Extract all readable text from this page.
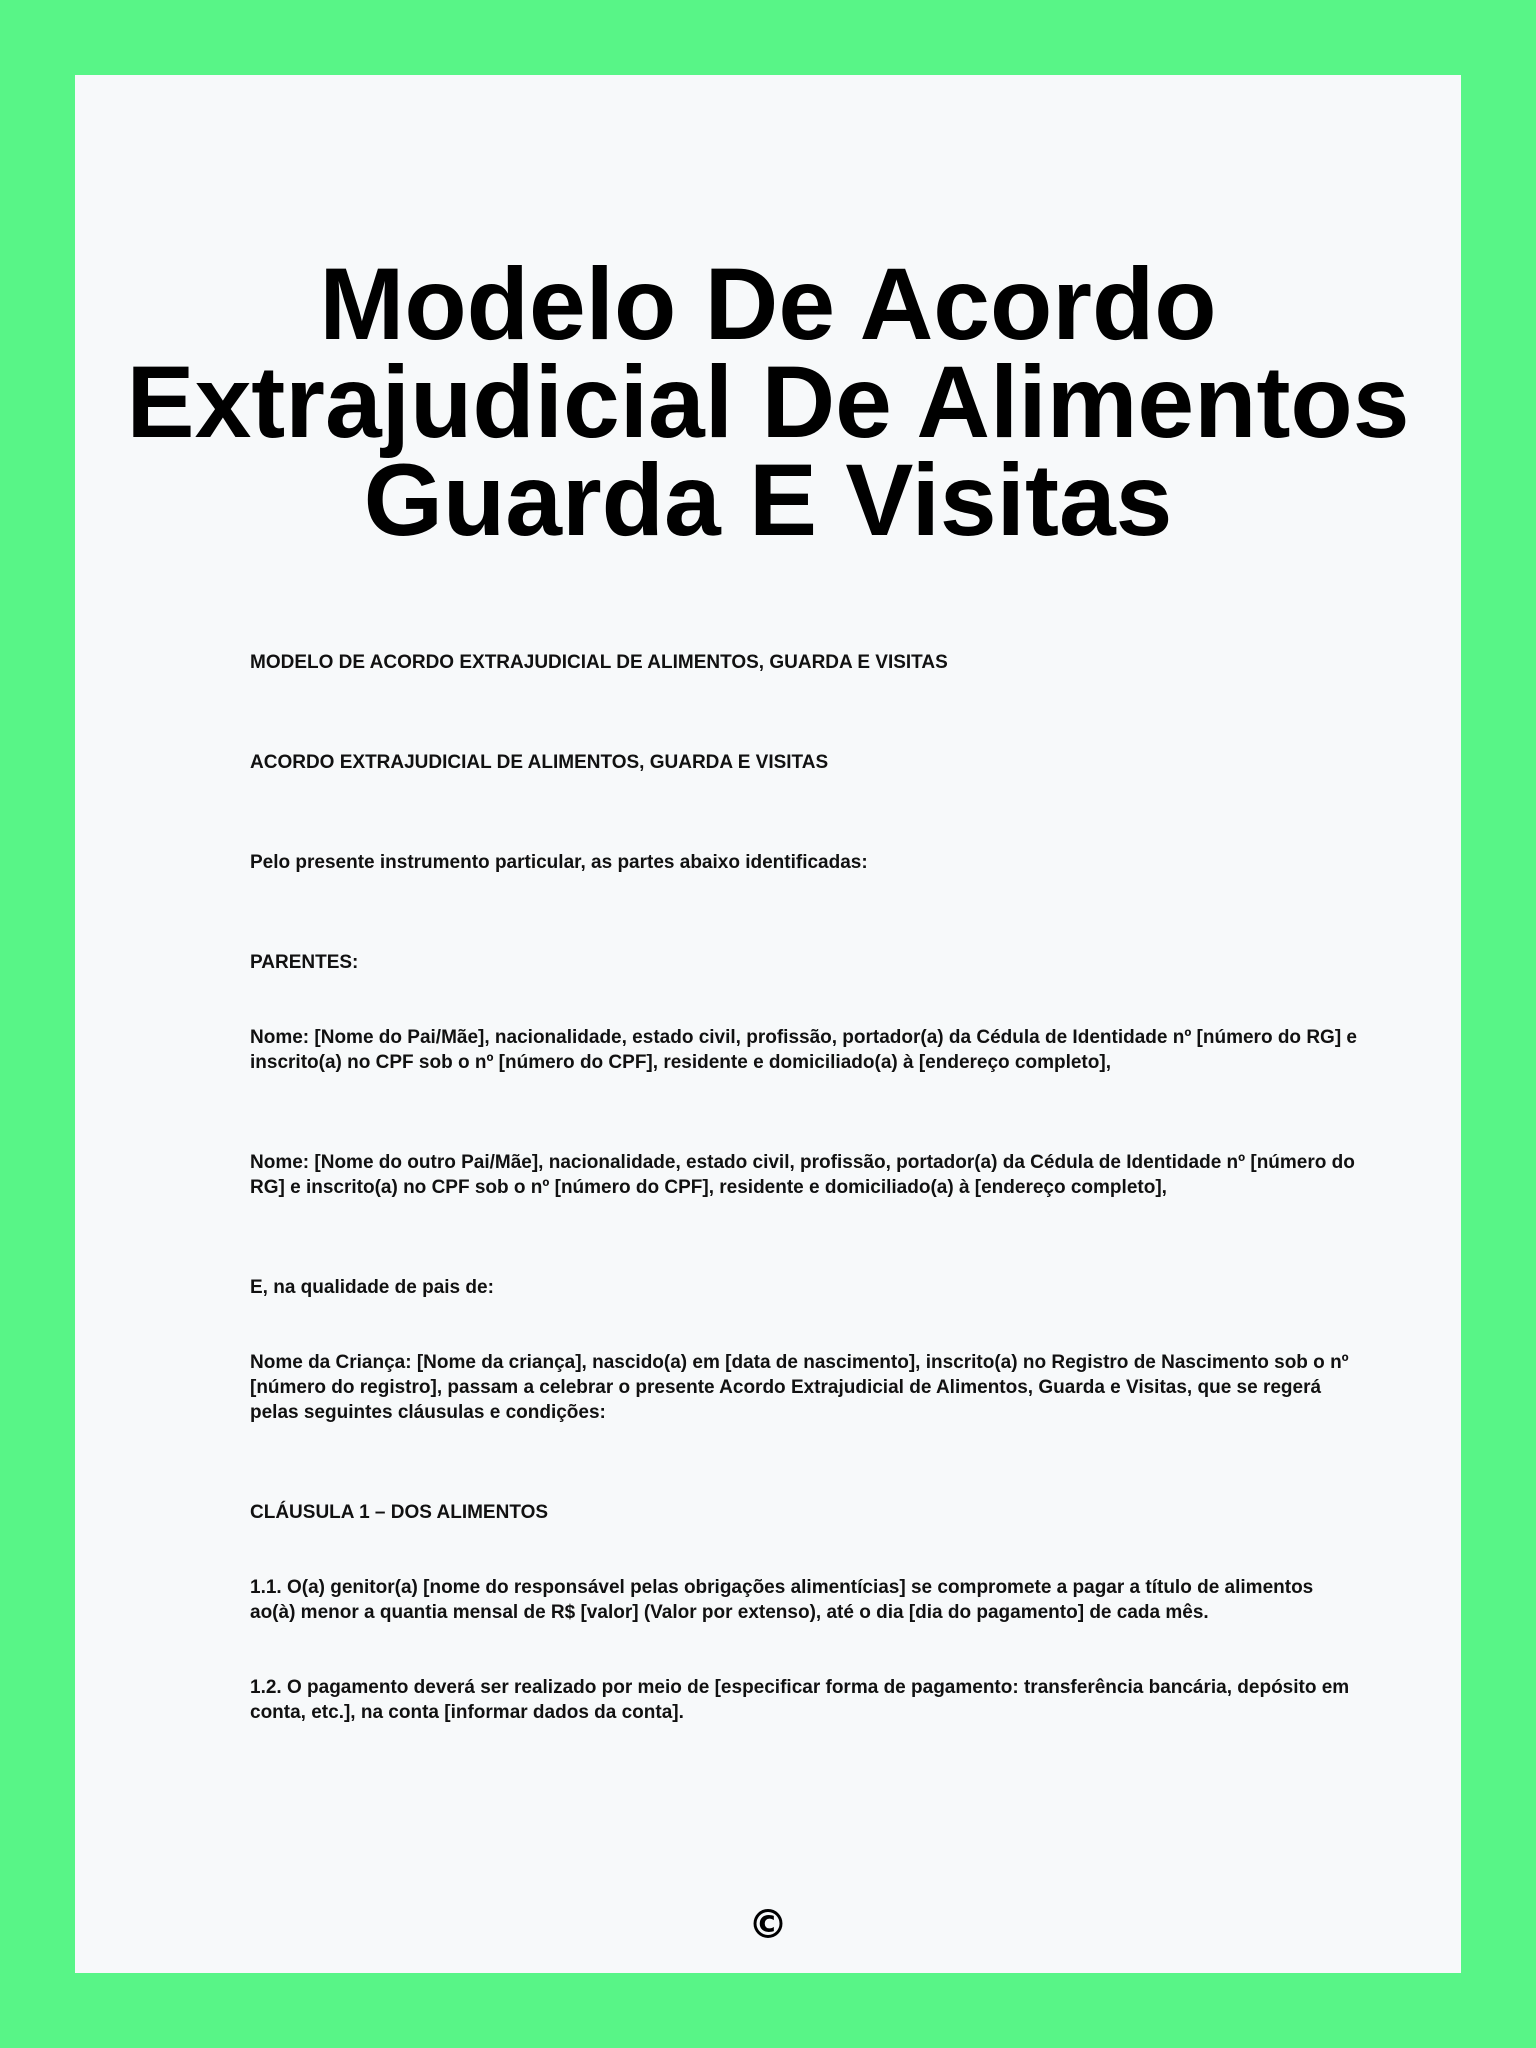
Modelo De Acordo
Extrajudicial De Alimentos
Guarda E Visitas

MODELO DE ACORDO EXTRAJUDICIAL DE ALIMENTOS, GUARDA E VISITAS

ACORDO EXTRAJUDICIAL DE ALIMENTOS, GUARDA E VISITAS

Pelo presente instrumento particular, as partes abaixo identificadas:

PARENTES:

Nome: [Nome do Pai/Mãe], nacionalidade, estado civil, profissão, portador(a) da Cédula de Identidade nº [número do RG] e inscrito(a) no CPF sob o nº [número do CPF], residente e domiciliado(a) à [endereço completo],

Nome: [Nome do outro Pai/Mãe], nacionalidade, estado civil, profissão, portador(a) da Cédula de Identidade nº [número do RG] e inscrito(a) no CPF sob o nº [número do CPF], residente e domiciliado(a) à [endereço completo],

E, na qualidade de pais de:

Nome da Criança: [Nome da criança], nascido(a) em [data de nascimento], inscrito(a) no Registro de Nascimento sob o nº [número do registro], passam a celebrar o presente Acordo Extrajudicial de Alimentos, Guarda e Visitas, que se regerá pelas seguintes cláusulas e condições:

CLÁUSULA 1 – DOS ALIMENTOS

1.1. O(a) genitor(a) [nome do responsável pelas obrigações alimentícias] se compromete a pagar a título de alimentos ao(à) menor a quantia mensal de R$ [valor] (Valor por extenso), até o dia [dia do pagamento] de cada mês.

1.2. O pagamento deverá ser realizado por meio de [especificar forma de pagamento: transferência bancária, depósito em conta, etc.], na conta [informar dados da conta].

©
